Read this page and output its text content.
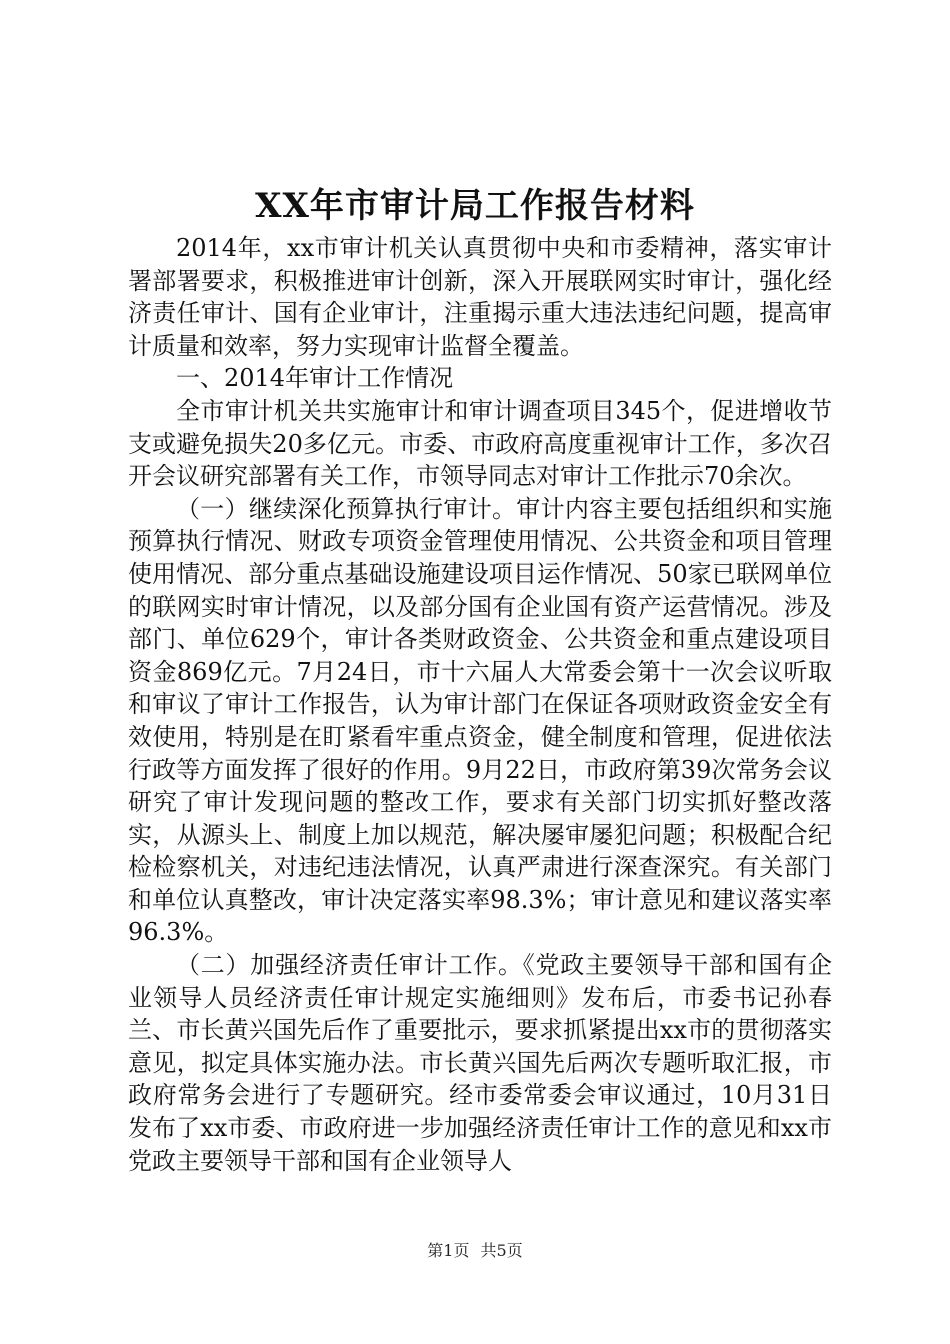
XX年市审计局工作报告材料

2014年，xx市审计机关认真贯彻中央和市委精神，落实审计署部署要求，积极推进审计创新，深入开展联网实时审计，强化经济责任审计、国有企业审计，注重揭示重大违法违纪问题，提高审计质量和效率，努力实现审计监督全覆盖。

一、2014年审计工作情况

全市审计机关共实施审计和审计调查项目345个，促进增收节支或避免损失20多亿元。市委、市政府高度重视审计工作，多次召开会议研究部署有关工作，市领导同志对审计工作批示70余次。

（一）继续深化预算执行审计。审计内容主要包括组织和实施预算执行情况、财政专项资金管理使用情况、公共资金和项目管理使用情况、部分重点基础设施建设项目运作情况、50家已联网单位的联网实时审计情况，以及部分国有企业国有资产运营情况。涉及部门、单位629个，审计各类财政资金、公共资金和重点建设项目资金869亿元。7月24日，市十六届人大常委会第十一次会议听取和审议了审计工作报告，认为审计部门在保证各项财政资金安全有效使用，特别是在盯紧看牢重点资金，健全制度和管理，促进依法行政等方面发挥了很好的作用。9月22日，市政府第39次常务会议研究了审计发现问题的整改工作，要求有关部门切实抓好整改落实，从源头上、制度上加以规范，解决屡审屡犯问题；积极配合纪检检察机关，对违纪违法情况，认真严肃进行深查深究。有关部门和单位认真整改，审计决定落实率98.3%；审计意见和建议落实率96.3%。

（二）加强经济责任审计工作。《党政主要领导干部和国有企业领导人员经济责任审计规定实施细则》发布后，市委书记孙春兰、市长黄兴国先后作了重要批示，要求抓紧提出xx市的贯彻落实意见，拟定具体实施办法。市长黄兴国先后两次专题听取汇报，市政府常务会进行了专题研究。经市委常委会审议通过，10月31日发布了xx市委、市政府进一步加强经济责任审计工作的意见和xx市党政主要领导干部和国有企业领导人

第1页 共5页
